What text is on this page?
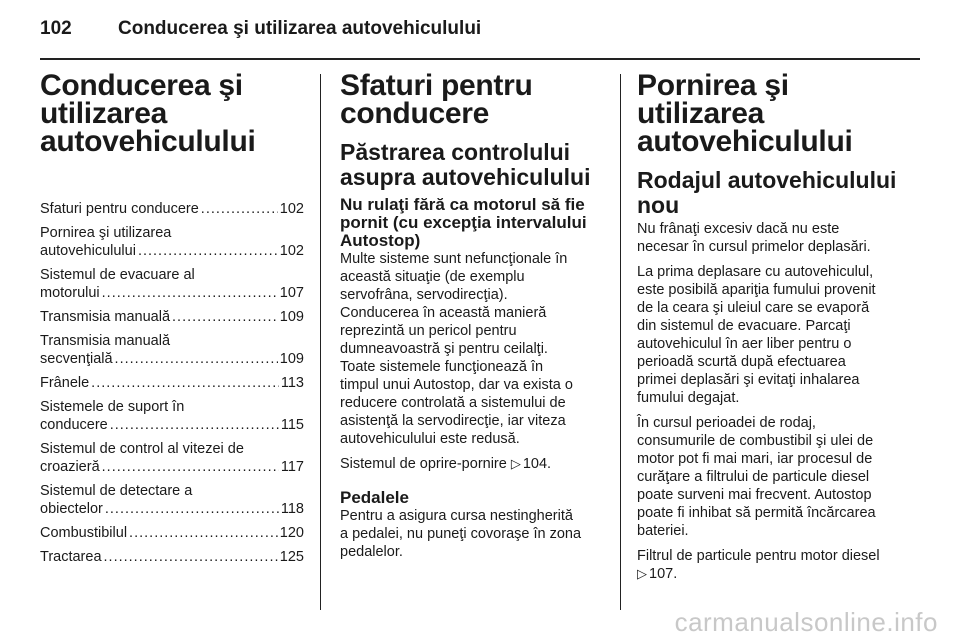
102 Conducerea şi utilizarea autovehiculului
Conducerea şi
utilizarea
autovehiculului
Sfaturi pentru conducere .....	102
Pornirea şi utilizarea
autovehiculului .....	102
Sistemul de evacuare al
motorului .....	107
Transmisia manuală .....	109
Transmisia manuală
secvenţială .....	109
Frânele .....	113
Sistemele de suport în
conducere .....	115
Sistemul de control al vitezei de
croazieră .....	117
Sistemul de detectare a
obiectelor .....	118
Combustibilul .....	120
Tractarea .....	125
Sfaturi pentru
conducere
Păstrarea controlului
asupra autovehiculului
Nu rulaţi fără ca motorul să fie
pornit (cu excepţia intervalului
Autostop)

Multe sisteme sunt nefuncţionale în
această situaţie (de exemplu
servofrâna, servodirecţia).
Conducerea în această manieră
reprezintă un pericol pentru
dumneavoastră şi pentru ceilalţi.
Toate sistemele funcţionează în
timpul unui Autostop, dar va exista o
reducere controlată a sistemului de
asistenţă la servodirecţie, iar viteza
autovehiculului este redusă.

Sistemul de oprire-pornire ▷ 104.

Pedalele

Pentru a asigura cursa nestingherită
a pedalei, nu puneţi covoraşe în zona
pedalelor.

Pornirea şi utilizarea
autovehiculului
Rodajul autovehiculului
nou

Nu frânaţi excesiv dacă nu este
necesar în cursul primelor deplasări.

La prima deplasare cu autovehiculul,
este posibilă apariţia fumului provenit
de la ceara şi uleiul care se evaporă
din sistemul de evacuare. Parcaţi
autovehiculul în aer liber pentru o
perioadă scurtă după efectuarea
primei deplasări şi evitaţi inhalarea
fumului degajat.

În cursul perioadei de rodaj,
consumurile de combustibil şi ulei de
motor pot fi mai mari, iar procesul de
curăţare a filtrului de particule diesel
poate surveni mai frecvent. Autostop
poate fi inhibat să permită încărcarea
bateriei.

Filtrul de particule pentru motor diesel
▷ 107.

carmanualsonline.info
